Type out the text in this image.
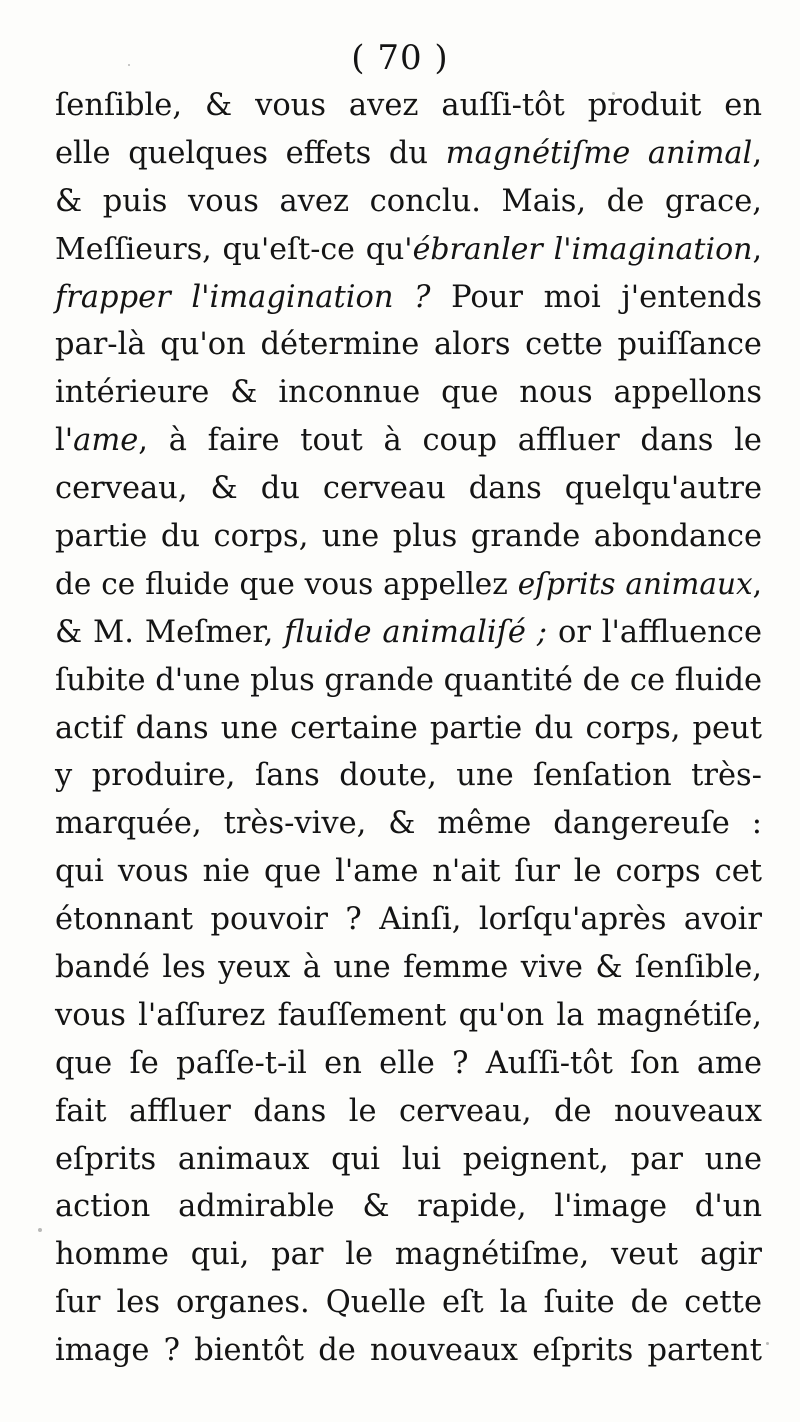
( 70 )
ſenſible, & vous avez auſſi-tôt produit en
elle quelques effets du magnétiſme animal,
& puis vous avez conclu. Mais, de grace,
Meſſieurs, qu'eſt-ce qu'ébranler l'imagination,
frapper l'imagination ? Pour moi j'entends
par-là qu'on détermine alors cette puiſſance
intérieure & inconnue que nous appellons
l'ame, à faire tout à coup affluer dans le
cerveau, & du cerveau dans quelqu'autre
partie du corps, une plus grande abondance
de ce fluide que vous appellez eſprits animaux,
& M. Meſmer, fluide animaliſé ; or l'affluence
ſubite d'une plus grande quantité de ce fluide
actif dans une certaine partie du corps, peut
y produire, ſans doute, une ſenſation très-
marquée, très-vive, & même dangereuſe :
qui vous nie que l'ame n'ait ſur le corps cet
étonnant pouvoir ? Ainſi, lorſqu'après avoir
bandé les yeux à une femme vive & ſenſible,
vous l'aſſurez fauſſement qu'on la magnétiſe,
que ſe paſſe-t-il en elle ? Auſſi-tôt ſon ame
fait affluer dans le cerveau, de nouveaux
eſprits animaux qui lui peignent, par une
action admirable & rapide, l'image d'un
homme qui, par le magnétiſme, veut agir
ſur les organes. Quelle eſt la ſuite de cette
image ? bientôt de nouveaux eſprits partent
